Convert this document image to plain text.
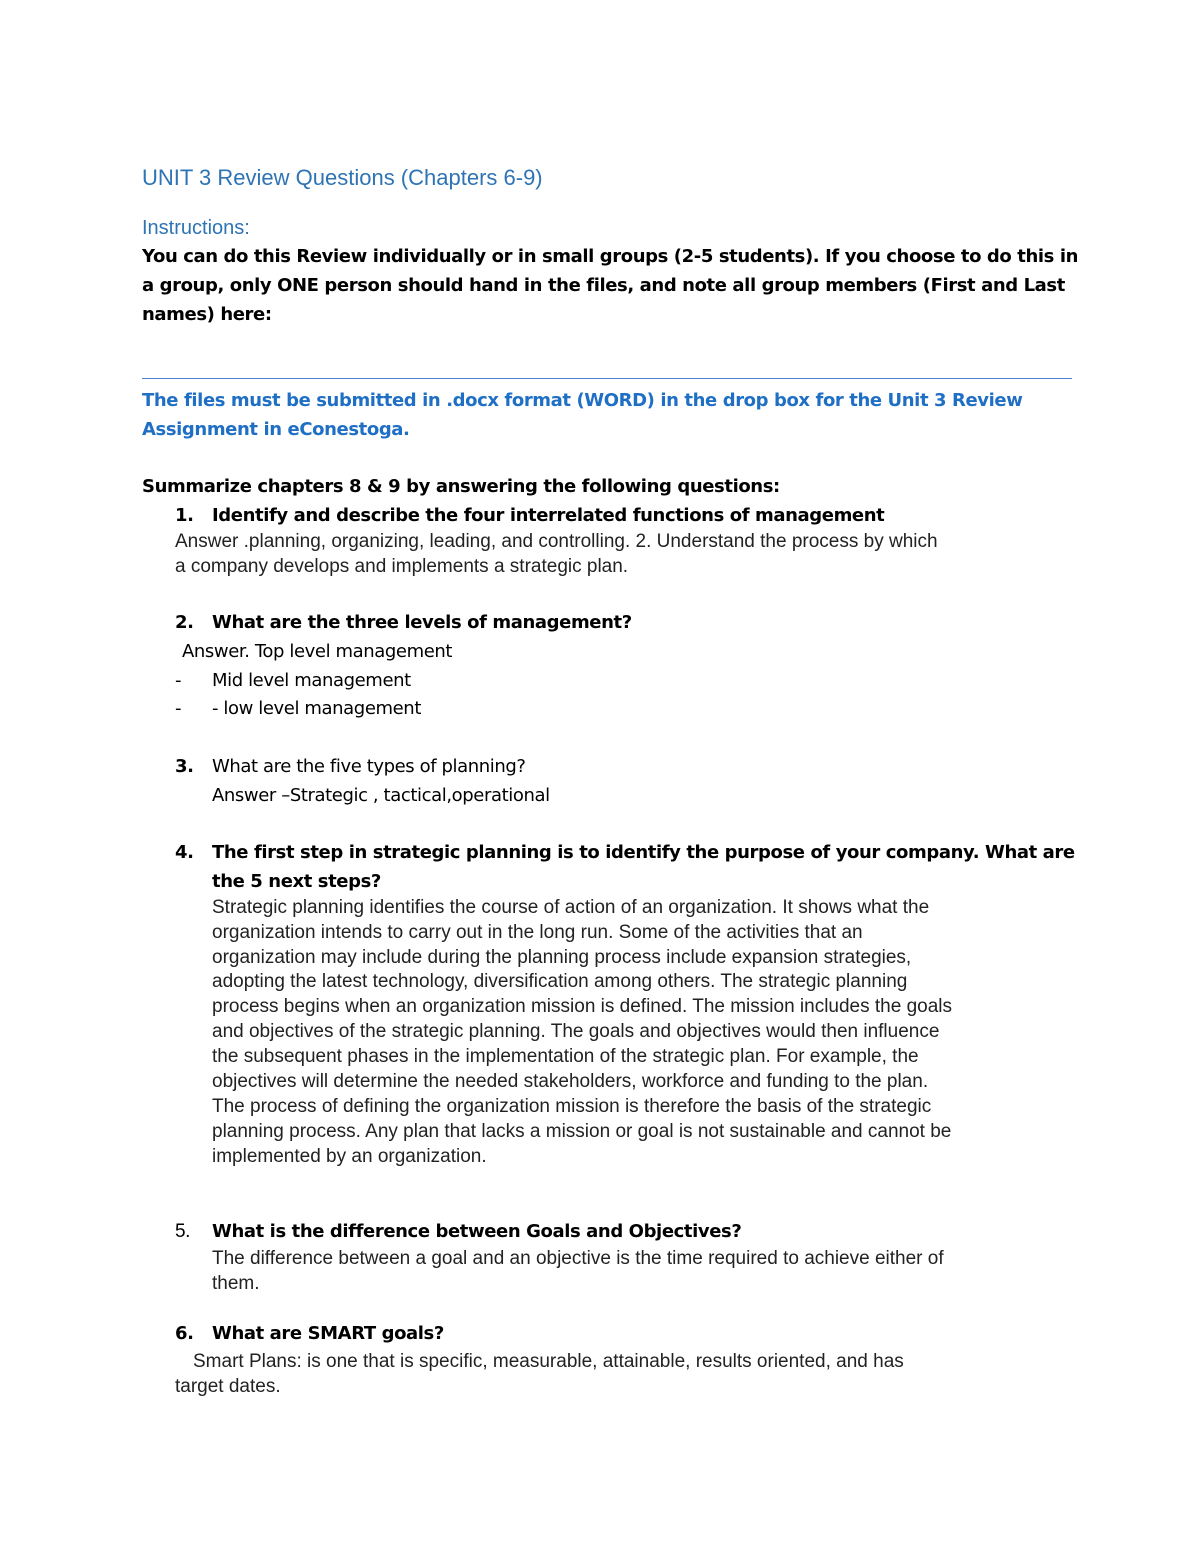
UNIT 3 Review Questions (Chapters 6-9)
Instructions:
You can do this Review individually or in small groups (2-5 students). If you choose to do this in
a group, only ONE person should hand in the files, and note all group members (First and Last
names) here:
The files must be submitted in .docx format (WORD) in the drop box for the Unit 3 Review
Assignment in eConestoga.
Summarize chapters 8 & 9 by answering the following questions:
1. Identify and describe the four interrelated functions of management
Answer .planning, organizing, leading, and controlling. 2. Understand the process by which
a company develops and implements a strategic plan.
2. What are the three levels of management?
Answer. Top level management
- Mid level management
- - low level management
3. What are the five types of planning?
Answer –Strategic , tactical,operational
4. The first step in strategic planning is to identify the purpose of your company. What are
the 5 next steps?
Strategic planning identifies the course of action of an organization. It shows what the
organization intends to carry out in the long run. Some of the activities that an
organization may include during the planning process include expansion strategies,
adopting the latest technology, diversification among others. The strategic planning
process begins when an organization mission is defined. The mission includes the goals
and objectives of the strategic planning. The goals and objectives would then influence
the subsequent phases in the implementation of the strategic plan. For example, the
objectives will determine the needed stakeholders, workforce and funding to the plan.
The process of defining the organization mission is therefore the basis of the strategic
planning process. Any plan that lacks a mission or goal is not sustainable and cannot be
implemented by an organization.
5. What is the difference between Goals and Objectives?
The difference between a goal and an objective is the time required to achieve either of
them.
6. What are SMART goals?
Smart Plans: is one that is specific, measurable, attainable, results oriented, and has
target dates.
